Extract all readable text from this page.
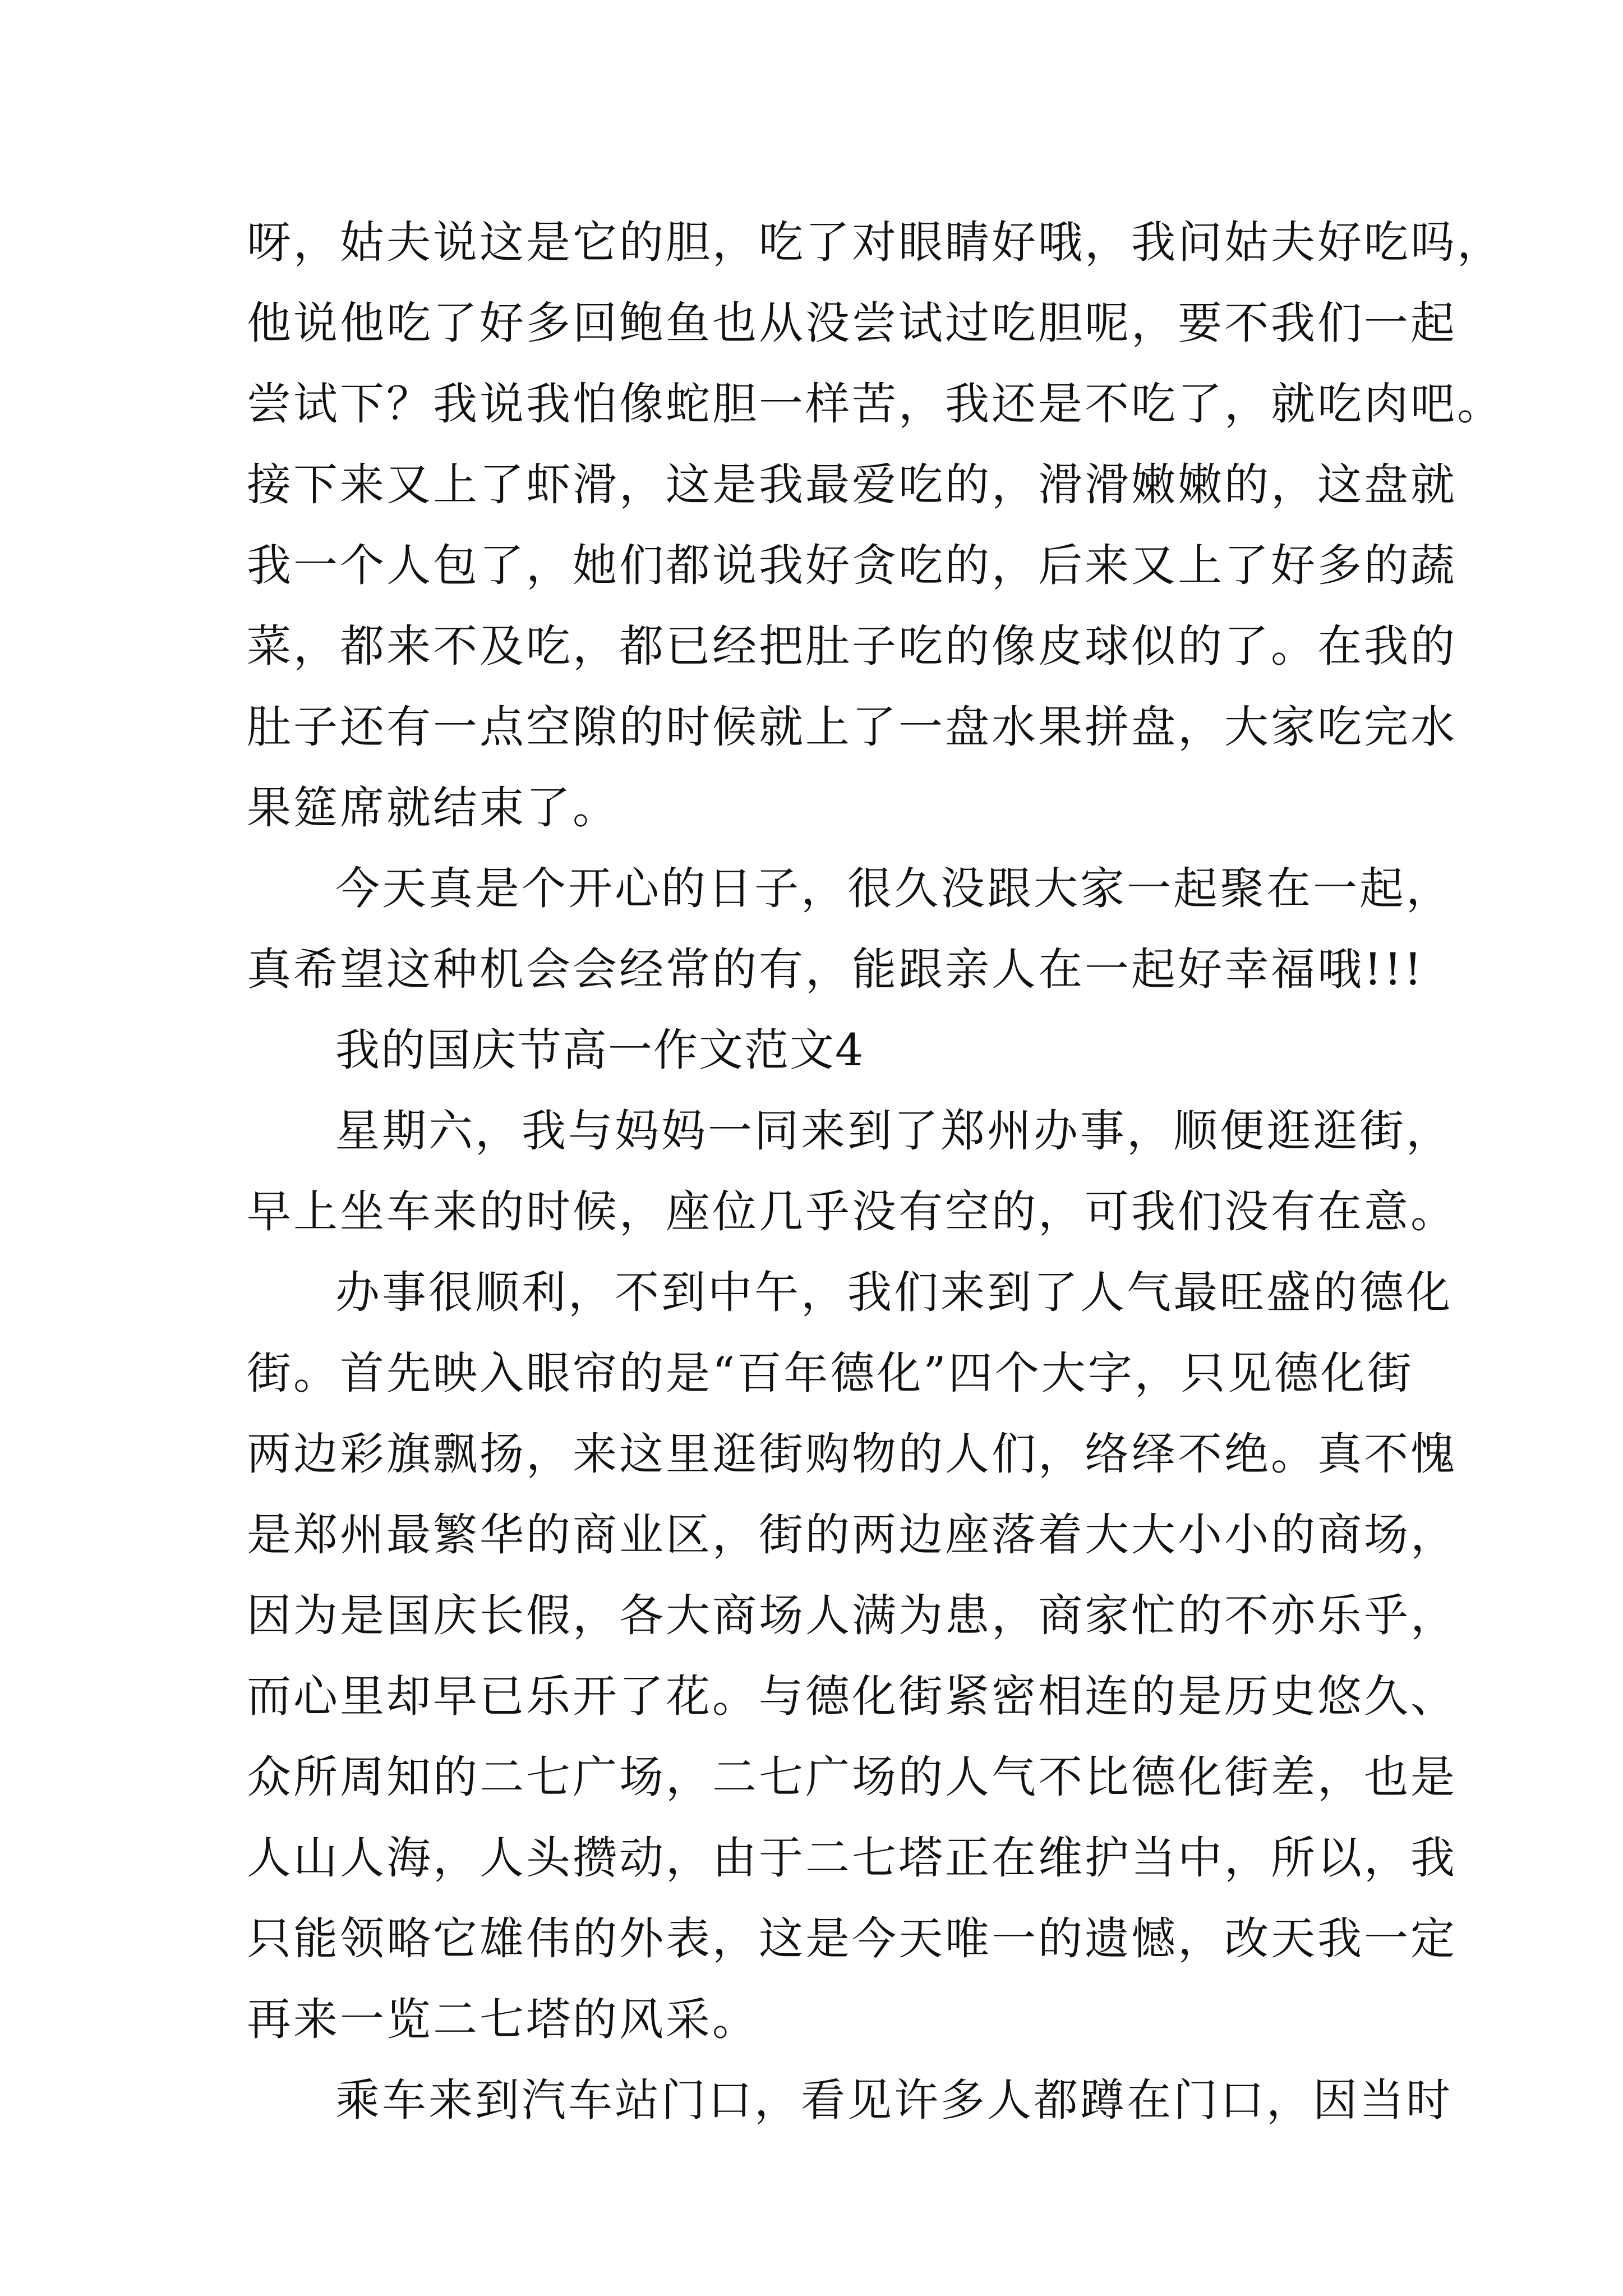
呀，姑夫说这是它的胆，吃了对眼睛好哦，我问姑夫好吃吗，
他说他吃了好多回鲍鱼也从没尝试过吃胆呢，要不我们一起
尝试下？我说我怕像蛇胆一样苦，我还是不吃了，就吃肉吧。
接下来又上了虾滑，这是我最爱吃的，滑滑嫩嫩的，这盘就
我一个人包了，她们都说我好贪吃的，后来又上了好多的蔬
菜，都来不及吃，都已经把肚子吃的像皮球似的了。在我的
肚子还有一点空隙的时候就上了一盘水果拼盘，大家吃完水
果筵席就结束了。
今天真是个开心的日子，很久没跟大家一起聚在一起，
真希望这种机会会经常的有，能跟亲人在一起好幸福哦!!!
我的国庆节高一作文范文4
星期六，我与妈妈一同来到了郑州办事，顺便逛逛街，
早上坐车来的时候，座位几乎没有空的，可我们没有在意。
办事很顺利，不到中午，我们来到了人气最旺盛的德化
街。首先映入眼帘的是“百年德化”四个大字，只见德化街
两边彩旗飘扬，来这里逛街购物的人们，络绎不绝。真不愧
是郑州最繁华的商业区，街的两边座落着大大小小的商场，
因为是国庆长假，各大商场人满为患，商家忙的不亦乐乎，
而心里却早已乐开了花。与德化街紧密相连的是历史悠久、
众所周知的二七广场，二七广场的人气不比德化街差，也是
人山人海，人头攒动，由于二七塔正在维护当中，所以，我
只能领略它雄伟的外表，这是今天唯一的遗憾，改天我一定
再来一览二七塔的风采。
乘车来到汽车站门口，看见许多人都蹲在门口，因当时
